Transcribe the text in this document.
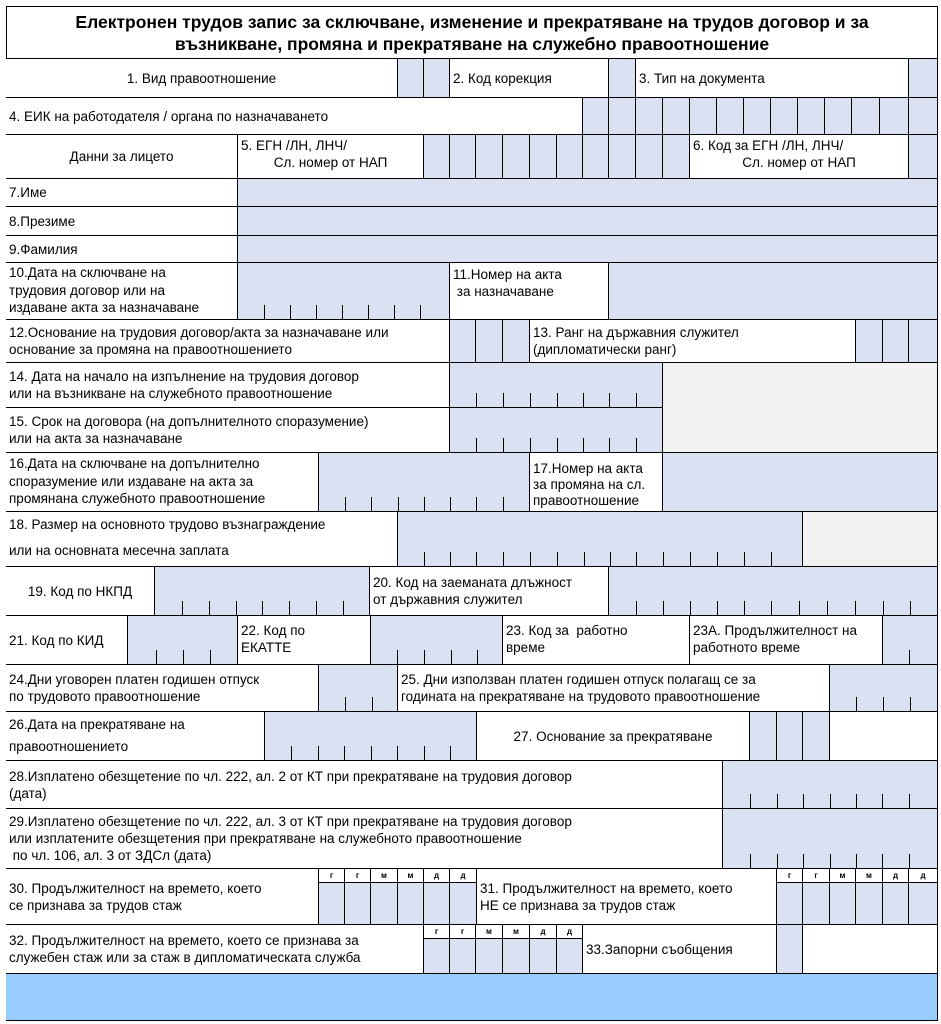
Електронен трудов запис за сключване, изменение и прекратяване на трудов договор и за
възникване, промяна и прекратяване на служебно правоотношение
1. Вид правоотношение	2. Код корекция	3. Тип на документа
4. ЕИК на работодателя / органа по назначаването
Данни за лицето
5. ЕГН /ЛН, ЛНЧ/
Сл. номер от НАП
6. Код за ЕГН /ЛН, ЛНЧ/
Сл. номер от НАП
7.Име
8.Презиме
9.Фамилия
10.Дата на сключване на
трудовия договор или на
издаване акта за назначаване
11.Номер на акта
за назначаване
12.Основание на трудовия договор/акта за назначаване или
основание за промяна на правоотношението
13. Ранг на държавния служител
(дипломатически ранг)
14. Дата на начало на изпълнение на трудовия договор
или на възникване на служебното правоотношение
15. Срок на договора (на допълнителното споразумение)
или на акта за назначаване
16.Дата на сключване на допълнително
споразумение или издаване на акта за
промянана служебното правоотношение
17.Номер на акта
за промяна на сл.
правоотношение
18. Размер на основното трудово възнаграждение
или на основната месечна заплата
19. Код по НКПД
20. Код на заеманата длъжност
от държавния служител
21. Код по КИД
22. Код по
ЕКАТТЕ
23. Код за  работно
време
23А. Продължителност на
работното време
24.Дни уговорен платен годишен отпуск
по трудовото правоотношение
25. Дни използван платен годишен отпуск полагащ се за
годината на прекратяване на трудовото правоотношение
26.Дата на прекратяване на
правоотношението
27. Основание за прекратяване
28.Изплатено обезщетение по чл. 222, ал. 2 от КТ при прекратяване на трудовия договор
(дата)
29.Изплатено обезщетение по чл. 222, ал. 3 от КТ при прекратяване на трудовия договор
или изплатените обезщетения при прекратяване на служебното правоотношение
по чл. 106, ал. 3 от ЗДСл (дата)
30. Продължителност на времето, което
се признава за трудов стаж
г	г	м	м	д	д
31. Продължителност на времето, което
НЕ се признава за трудов стаж
г	г	м	м	д	д
32. Продължителност на времето, което се признава за
служебен стаж или за стаж в дипломатическата служба
г	г	м	м	д	д
33.Запорни съобщения
